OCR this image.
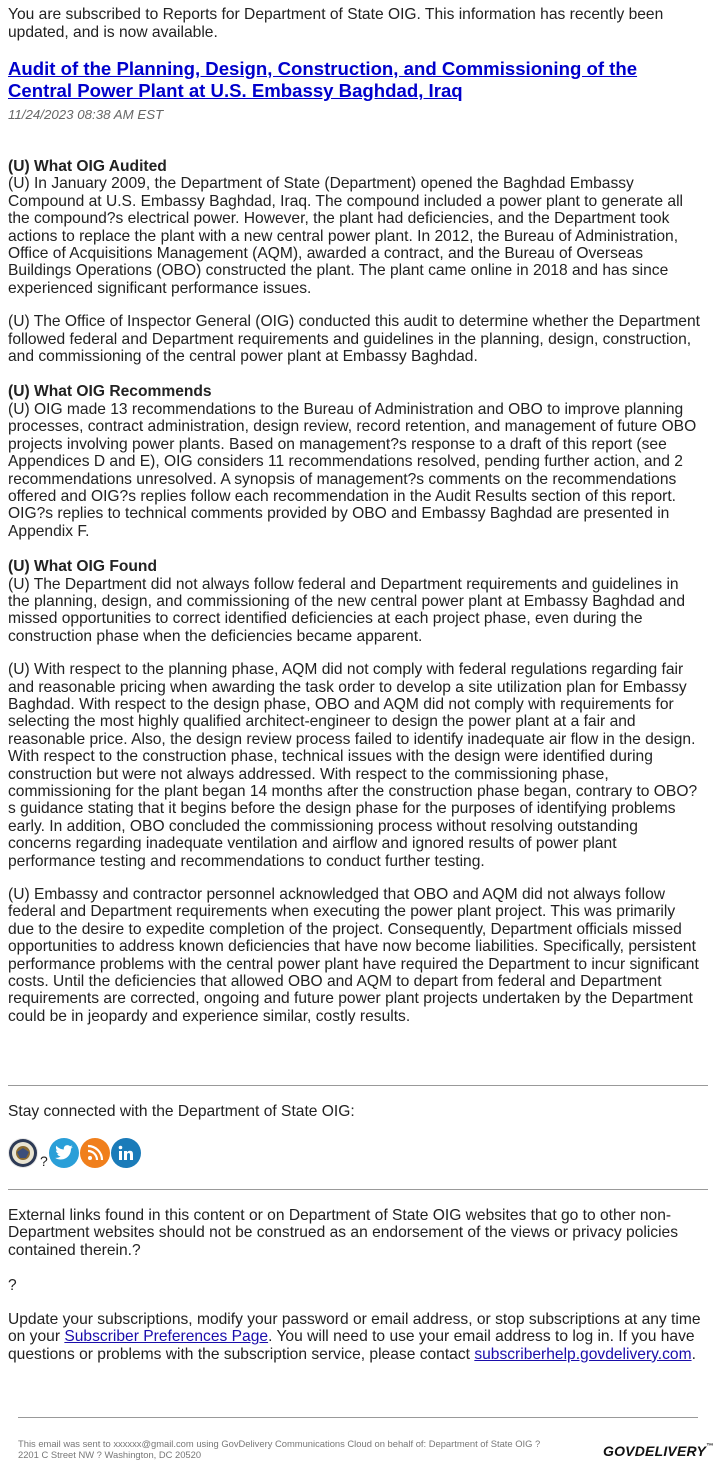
You are subscribed to Reports for Department of State OIG. This information has recently been updated, and is now available.

Audit of the Planning, Design, Construction, and Commissioning of the Central Power Plant at U.S. Embassy Baghdad, Iraq
11/24/2023 08:38 AM EST
(U) What OIG Audited

(U) In January 2009, the Department of State (Department) opened the Baghdad Embassy Compound at U.S. Embassy Baghdad, Iraq. The compound included a power plant to generate all the compound?s electrical power. However, the plant had deficiencies, and the Department took actions to replace the plant with a new central power plant. In 2012, the Bureau of Administration, Office of Acquisitions Management (AQM), awarded a contract, and the Bureau of Overseas Buildings Operations (OBO) constructed the plant. The plant came online in 2018 and has since experienced significant performance issues.

(U) The Office of Inspector General (OIG) conducted this audit to determine whether the Department followed federal and Department requirements and guidelines in the planning, design, construction, and commissioning of the central power plant at Embassy Baghdad.

(U) What OIG Recommends

(U) OIG made 13 recommendations to the Bureau of Administration and OBO to improve planning processes, contract administration, design review, record retention, and management of future OBO projects involving power plants. Based on management?s response to a draft of this report (see Appendices D and E), OIG considers 11 recommendations resolved, pending further action, and 2 recommendations unresolved. A synopsis of management?s comments on the recommendations offered and OIG?s replies follow each recommendation in the Audit Results section of this report. OIG?s replies to technical comments provided by OBO and Embassy Baghdad are presented in Appendix F.

(U) What OIG Found

(U) The Department did not always follow federal and Department requirements and guidelines in the planning, design, and commissioning of the new central power plant at Embassy Baghdad and missed opportunities to correct identified deficiencies at each project phase, even during the construction phase when the deficiencies became apparent.

(U) With respect to the planning phase, AQM did not comply with federal regulations regarding fair and reasonable pricing when awarding the task order to develop a site utilization plan for Embassy Baghdad. With respect to the design phase, OBO and AQM did not comply with requirements for selecting the most highly qualified architect-engineer to design the power plant at a fair and reasonable price. Also, the design review process failed to identify inadequate air flow in the design. With respect to the construction phase, technical issues with the design were identified during construction but were not always addressed. With respect to the commissioning phase, commissioning for the plant began 14 months after the construction phase began, contrary to OBO?s guidance stating that it begins before the design phase for the purposes of identifying problems early. In addition, OBO concluded the commissioning process without resolving outstanding concerns regarding inadequate ventilation and airflow and ignored results of power plant performance testing and recommendations to conduct further testing.

(U) Embassy and contractor personnel acknowledged that OBO and AQM did not always follow federal and Department requirements when executing the power plant project. This was primarily due to the desire to expedite completion of the project. Consequently, Department officials missed opportunities to address known deficiencies that have now become liabilities. Specifically, persistent performance problems with the central power plant have required the Department to incur significant costs. Until the deficiencies that allowed OBO and AQM to depart from federal and Department requirements are corrected, ongoing and future power plant projects undertaken by the Department could be in jeopardy and experience similar, costly results.

Stay connected with the Department of State OIG:
?
External links found in this content or on Department of State OIG websites that go to other non-Department websites should not be construed as an endorsement of the views or privacy policies contained therein.?
?
Update your subscriptions, modify your password or email address, or stop subscriptions at any time on your Subscriber Preferences Page. You will need to use your email address to log in. If you have questions or problems with the subscription service, please contact subscriberhelp.govdelivery.com.
This email was sent to xxxxxx@gmail.com using GovDelivery Communications Cloud on behalf of: Department of State OIG ?
2201 C Street NW ? Washington, DC 20520	GOVDELIVERY™
